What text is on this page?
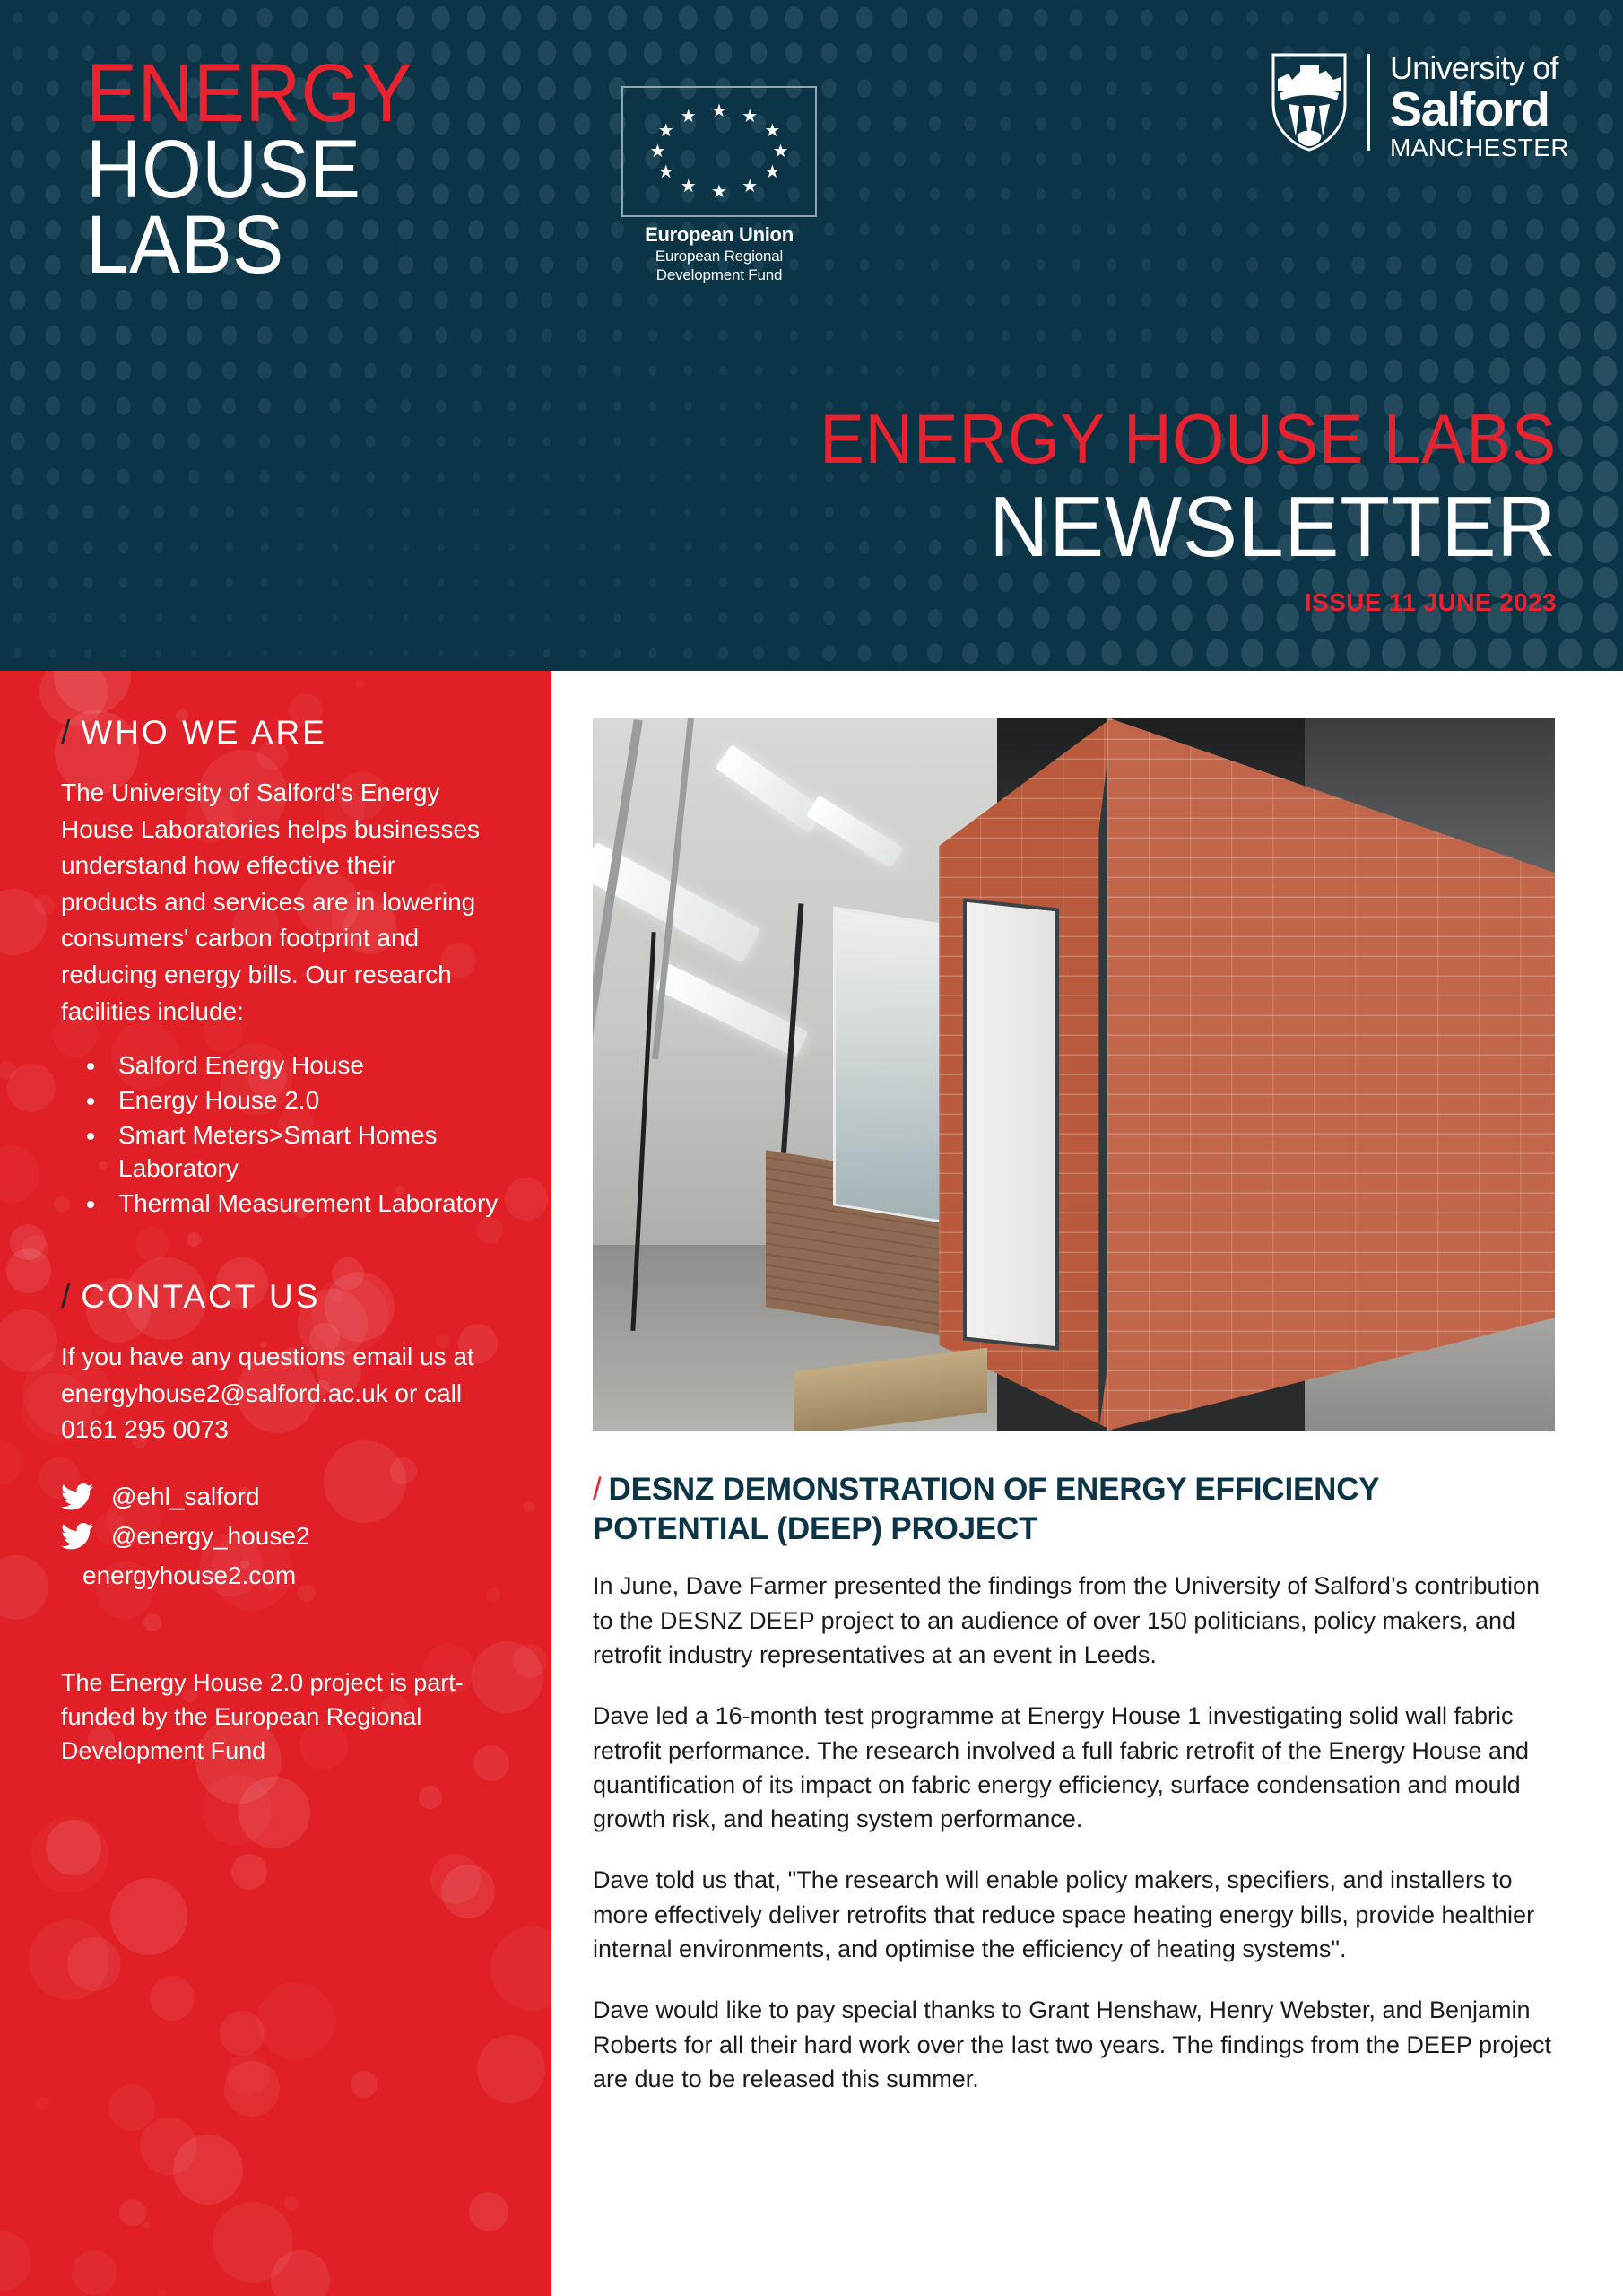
ENERGY
HOUSE
LABS
★ ★
★
★
★
★
★
★
★
★
★
★
European Union
European Regional
Development Fund
University of
Salford
MANCHESTER
ENERGY HOUSE LABS
NEWSLETTER
ISSUE 11 JUNE 2023
/ WHO WE ARE

The University of Salford's Energy House Laboratories helps businesses understand how effective their products and services are in lowering consumers' carbon footprint and reducing energy bills. Our research facilities include:

• Salford Energy House
• Energy House 2.0
• Smart Meters>Smart Homes Laboratory
• Thermal Measurement Laboratory
/ CONTACT US

If you have any questions email us at energyhouse2@salford.ac.uk or call 0161 295 0073

@ehl_salford
@energy_house2
energyhouse2.com

The Energy House 2.0 project is part-funded by the European Regional Development Fund

/ DESNZ DEMONSTRATION OF ENERGY EFFICIENCY POTENTIAL (DEEP) PROJECT

In June, Dave Farmer presented the findings from the University of Salford’s contribution to the DESNZ DEEP project to an audience of over 150 politicians, policy makers, and retrofit industry representatives at an event in Leeds.

Dave led a 16-month test programme at Energy House 1 investigating solid wall fabric retrofit performance. The research involved a full fabric retrofit of the Energy House and quantification of its impact on fabric energy efficiency, surface condensation and mould growth risk, and heating system performance.

Dave told us that, "The research will enable policy makers, specifiers, and installers to more effectively deliver retrofits that reduce space heating energy bills, provide healthier internal environments, and optimise the efficiency of heating systems".

Dave would like to pay special thanks to Grant Henshaw, Henry Webster, and Benjamin Roberts for all their hard work over the last two years. The findings from the DEEP project are due to be released this summer.
